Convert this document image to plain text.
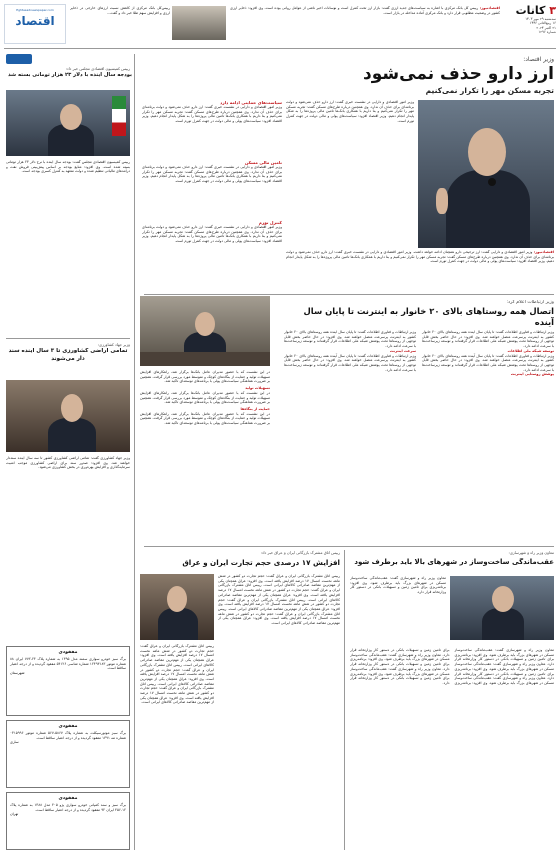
۳ کانات
سه‌شنبه ۲۹ مهر ۱۴۰۳
۱۶ ربیع‌الثانی ۱۴۴۶
۲۱ اکتبر ۲۰۲۴
شماره ۱۲۹۶
اقتصادنیوز: رییس کل بانک مرکزی با اشاره به سیاست‌های جدید ارزی گفت: بازار ارز تحت کنترل است و نوسانات اخیر ناشی از عوامل روانی بوده است. وی افزود: ذخایر ارزی کشور در وضعیت مطلوبی قرار دارد و بانک مرکزی آماده مداخله در بازار است.
رییس‌کل بانک مرکزی از کاهش نسبت ارزهای خارجی در ذخایر ارزی و افزایش سهم طلا خبر داد و گفت...
Eghtesadnewspaper.com
اقتصاد
رییس کمیسیون اقتصادی مجلس خبر داد:
بودجه سال آینده با دلار ۲۳ هزار تومانی بسته شد
رییس کمیسیون اقتصادی مجلس گفت: بودجه سال آینده با نرخ دلار ۲۳ هزار تومانی بسته شده است. وی افزود: منابع بودجه بر اساس پیش‌بینی فروش نفت و درآمدهای مالیاتی تنظیم شده و دولت متعهد به کنترل کسری بودجه است.
وزیر جهاد کشاورزی:
تمامی اراضی کشاورزی تا ۳ سال آینده سند دار می‌شوند
وزیر جهاد کشاورزی گفت: تمامی اراضی کشاورزی کشور تا سه سال آینده سنددار خواهند شد. وی افزود: صدور سند برای اراضی کشاورزی موجب امنیت سرمایه‌گذاری و افزایش بهره‌وری در بخش کشاورزی می‌شود.
مفقودی
برگ سبز خودرو سواری سمند مدل ۱۳۹۵ به شماره پلاک ۲۴-۷۷۲ ایران ۸۸ شماره موتور ۱۲۴۹۳۱۸۳ شماره شاسی ۵۴۱۲۶ مفقود گردیده و از درجه اعتبار ساقط است.
شهرستان
مفقودی
برگ سبز موتورسیکلت به شماره پلاک ۵۸۶۷-۵۶۷ شماره موتور ۰۳۱۵۹۹۶ شماره تنه ۱۳۹۱ مفقود گردیده و از درجه اعتبار ساقط است.
ساری
مفقودی
برگ سبز و سند کمپانی خودرو سواری پژو ۴۰۵ مدل ۱۳۸۸ به شماره پلاک ۱۲-۴۵۶ ایران ۹۲ مفقود گردیده و از درجه اعتبار ساقط است.
تهران
وزیر اقتصاد:
ارز دارو حذف نمی‌شود
تجربه مسکن مهر را تکرار نمی‌کنیم
وزیر امور اقتصادی و دارایی در نشست خبری گفت: ارز دارو حذف نمی‌شود و دولت برنامه‌ای برای حذف آن ندارد. وی همچنین درباره طرح‌های مسکن گفت: تجربه مسکن مهر را تکرار نمی‌کنیم و بنا داریم با همکاری بانک‌ها تامین مالی پروژه‌ها را به شکل پایدار انجام دهیم. وزیر اقتصاد افزود: سیاست‌های پولی و مالی دولت در جهت کنترل تورم است.
سیاست‌های حمایتی ادامه دارد
وزیر امور اقتصادی و دارایی در نشست خبری گفت: ارز دارو حذف نمی‌شود و دولت برنامه‌ای برای حذف آن ندارد. وی همچنین درباره طرح‌های مسکن گفت: تجربه مسکن مهر را تکرار نمی‌کنیم و بنا داریم با همکاری بانک‌ها تامین مالی پروژه‌ها را به شکل پایدار انجام دهیم. وزیر اقتصاد افزود: سیاست‌های پولی و مالی دولت در جهت کنترل تورم است.
تامین مالی مسکن
وزیر امور اقتصادی و دارایی در نشست خبری گفت: ارز دارو حذف نمی‌شود و دولت برنامه‌ای برای حذف آن ندارد. وی همچنین درباره طرح‌های مسکن گفت: تجربه مسکن مهر را تکرار نمی‌کنیم و بنا داریم با همکاری بانک‌ها تامین مالی پروژه‌ها را به شکل پایدار انجام دهیم. وزیر اقتصاد افزود: سیاست‌های پولی و مالی دولت در جهت کنترل تورم است.
کنترل تورم
وزیر امور اقتصادی و دارایی در نشست خبری گفت: ارز دارو حذف نمی‌شود و دولت برنامه‌ای برای حذف آن ندارد. وی همچنین درباره طرح‌های مسکن گفت: تجربه مسکن مهر را تکرار نمی‌کنیم و بنا داریم با همکاری بانک‌ها تامین مالی پروژه‌ها را به شکل پایدار انجام دهیم. وزیر اقتصاد افزود: سیاست‌های پولی و مالی دولت در جهت کنترل تورم است.
اقتصادنیوز: وزیر امور اقتصادی و دارایی گفت: ارز ترجیحی دارو همچنان ادامه خواهد داشت. وزیر امور اقتصادی و دارایی در نشست خبری گفت: ارز دارو حذف نمی‌شود و دولت برنامه‌ای برای حذف آن ندارد. وی همچنین درباره طرح‌های مسکن گفت: تجربه مسکن مهر را تکرار نمی‌کنیم و بنا داریم با همکاری بانک‌ها تامین مالی پروژه‌ها را به شکل پایدار انجام دهیم. وزیر اقتصاد افزود: سیاست‌های پولی و مالی دولت در جهت کنترل تورم است.
در این نشست که با حضور مدیران عامل بانک‌ها برگزار شد، راهکارهای افزایش تسهیلات تولید و حمایت از بنگاه‌های کوچک و متوسط مورد بررسی قرار گرفت. همچنین بر ضرورت هماهنگی سیاست‌های پولی با برنامه‌های توسعه‌ای تاکید شد.
تسهیلات تولید
در این نشست که با حضور مدیران عامل بانک‌ها برگزار شد، راهکارهای افزایش تسهیلات تولید و حمایت از بنگاه‌های کوچک و متوسط مورد بررسی قرار گرفت. همچنین بر ضرورت هماهنگی سیاست‌های پولی با برنامه‌های توسعه‌ای تاکید شد.
حمایت از بنگاه‌ها
در این نشست که با حضور مدیران عامل بانک‌ها برگزار شد، راهکارهای افزایش تسهیلات تولید و حمایت از بنگاه‌های کوچک و متوسط مورد بررسی قرار گرفت. همچنین بر ضرورت هماهنگی سیاست‌های پولی با برنامه‌های توسعه‌ای تاکید شد.
وزیر ارتباطات اعلام کرد:
اتصال همه روستاهای بالای ۲۰ خانوار به اینترنت تا پایان سال آینده
وزیر ارتباطات و فناوری اطلاعات گفت: تا پایان سال آینده همه روستاهای بالای ۲۰ خانوار کشور به اینترنت پرسرعت متصل خواهند شد. وی افزود: در حال حاضر بخش قابل توجهی از روستاها تحت پوشش شبکه ملی اطلاعات قرار گرفته‌اند و توسعه زیرساخت‌ها با سرعت ادامه دارد.
توسعه شبکه ملی اطلاعات
وزیر ارتباطات و فناوری اطلاعات گفت: تا پایان سال آینده همه روستاهای بالای ۲۰ خانوار کشور به اینترنت پرسرعت متصل خواهند شد. وی افزود: در حال حاضر بخش قابل توجهی از روستاها تحت پوشش شبکه ملی اطلاعات قرار گرفته‌اند و توسعه زیرساخت‌ها با سرعت ادامه دارد.
پوشش روستایی اینترنت
وزیر ارتباطات و فناوری اطلاعات گفت: تا پایان سال آینده همه روستاهای بالای ۲۰ خانوار کشور به اینترنت پرسرعت متصل خواهند شد. وی افزود: در حال حاضر بخش قابل توجهی از روستاها تحت پوشش شبکه ملی اطلاعات قرار گرفته‌اند و توسعه زیرساخت‌ها با سرعت ادامه دارد.
سرعت اینترنت
وزیر ارتباطات و فناوری اطلاعات گفت: تا پایان سال آینده همه روستاهای بالای ۲۰ خانوار کشور به اینترنت پرسرعت متصل خواهند شد. وی افزود: در حال حاضر بخش قابل توجهی از روستاها تحت پوشش شبکه ملی اطلاعات قرار گرفته‌اند و توسعه زیرساخت‌ها با سرعت ادامه دارد.
رییس اتاق مشترک بازرگانی ایران و عراق خبر داد:
افزایش ۱۷ درصدی حجم تجارت ایران و عراق
رییس اتاق مشترک بازرگانی ایران و عراق گفت: حجم تجارت دو کشور در شش ماهه نخست امسال ۱۷ درصد افزایش یافته است. وی افزود: عراق همچنان یکی از مهم‌ترین مقاصد صادراتی کالاهای ایرانی است. رییس اتاق مشترک بازرگانی ایران و عراق گفت: حجم تجارت دو کشور در شش ماهه نخست امسال ۱۷ درصد افزایش یافته است. وی افزود: عراق همچنان یکی از مهم‌ترین مقاصد صادراتی کالاهای ایرانی است. رییس اتاق مشترک بازرگانی ایران و عراق گفت: حجم تجارت دو کشور در شش ماهه نخست امسال ۱۷ درصد افزایش یافته است. وی افزود: عراق همچنان یکی از مهم‌ترین مقاصد صادراتی کالاهای ایرانی است. رییس اتاق مشترک بازرگانی ایران و عراق گفت: حجم تجارت دو کشور در شش ماهه نخست امسال ۱۷ درصد افزایش یافته است. وی افزود: عراق همچنان یکی از مهم‌ترین مقاصد صادراتی کالاهای ایرانی است.
رییس اتاق مشترک بازرگانی ایران و عراق گفت: حجم تجارت دو کشور در شش ماهه نخست امسال ۱۷ درصد افزایش یافته است. وی افزود: عراق همچنان یکی از مهم‌ترین مقاصد صادراتی کالاهای ایرانی است. رییس اتاق مشترک بازرگانی ایران و عراق گفت: حجم تجارت دو کشور در شش ماهه نخست امسال ۱۷ درصد افزایش یافته است. وی افزود: عراق همچنان یکی از مهم‌ترین مقاصد صادراتی کالاهای ایرانی است. رییس اتاق مشترک بازرگانی ایران و عراق گفت: حجم تجارت دو کشور در شش ماهه نخست امسال ۱۷ درصد افزایش یافته است. وی افزود: عراق همچنان یکی از مهم‌ترین مقاصد صادراتی کالاهای ایرانی است.
معاون وزیر راه و شهرسازی:
عقب‌ماندگی ساخت‌وساز در شهرهای بالا باید برطرف شود
معاون وزیر راه و شهرسازی گفت: عقب‌ماندگی ساخت‌وساز مسکن در شهرهای بزرگ باید برطرف شود. وی افزود: برنامه‌ریزی برای تامین زمین و تسهیلات بانکی در دستور کار وزارتخانه قرار دارد.
معاون وزیر راه و شهرسازی گفت: عقب‌ماندگی ساخت‌وساز مسکن در شهرهای بزرگ باید برطرف شود. وی افزود: برنامه‌ریزی برای تامین زمین و تسهیلات بانکی در دستور کار وزارتخانه قرار دارد. معاون وزیر راه و شهرسازی گفت: عقب‌ماندگی ساخت‌وساز مسکن در شهرهای بزرگ باید برطرف شود. وی افزود: برنامه‌ریزی برای تامین زمین و تسهیلات بانکی در دستور کار وزارتخانه قرار دارد. معاون وزیر راه و شهرسازی گفت: عقب‌ماندگی ساخت‌وساز مسکن در شهرهای بزرگ باید برطرف شود. وی افزود: برنامه‌ریزی برای تامین زمین و تسهیلات بانکی در دستور کار وزارتخانه قرار دارد. معاون وزیر راه و شهرسازی گفت: عقب‌ماندگی ساخت‌وساز مسکن در شهرهای بزرگ باید برطرف شود. وی افزود: برنامه‌ریزی برای تامین زمین و تسهیلات بانکی در دستور کار وزارتخانه قرار دارد. معاون وزیر راه و شهرسازی گفت: عقب‌ماندگی ساخت‌وساز مسکن در شهرهای بزرگ باید برطرف شود. وی افزود: برنامه‌ریزی برای تامین زمین و تسهیلات بانکی در دستور کار وزارتخانه قرار دارد.
